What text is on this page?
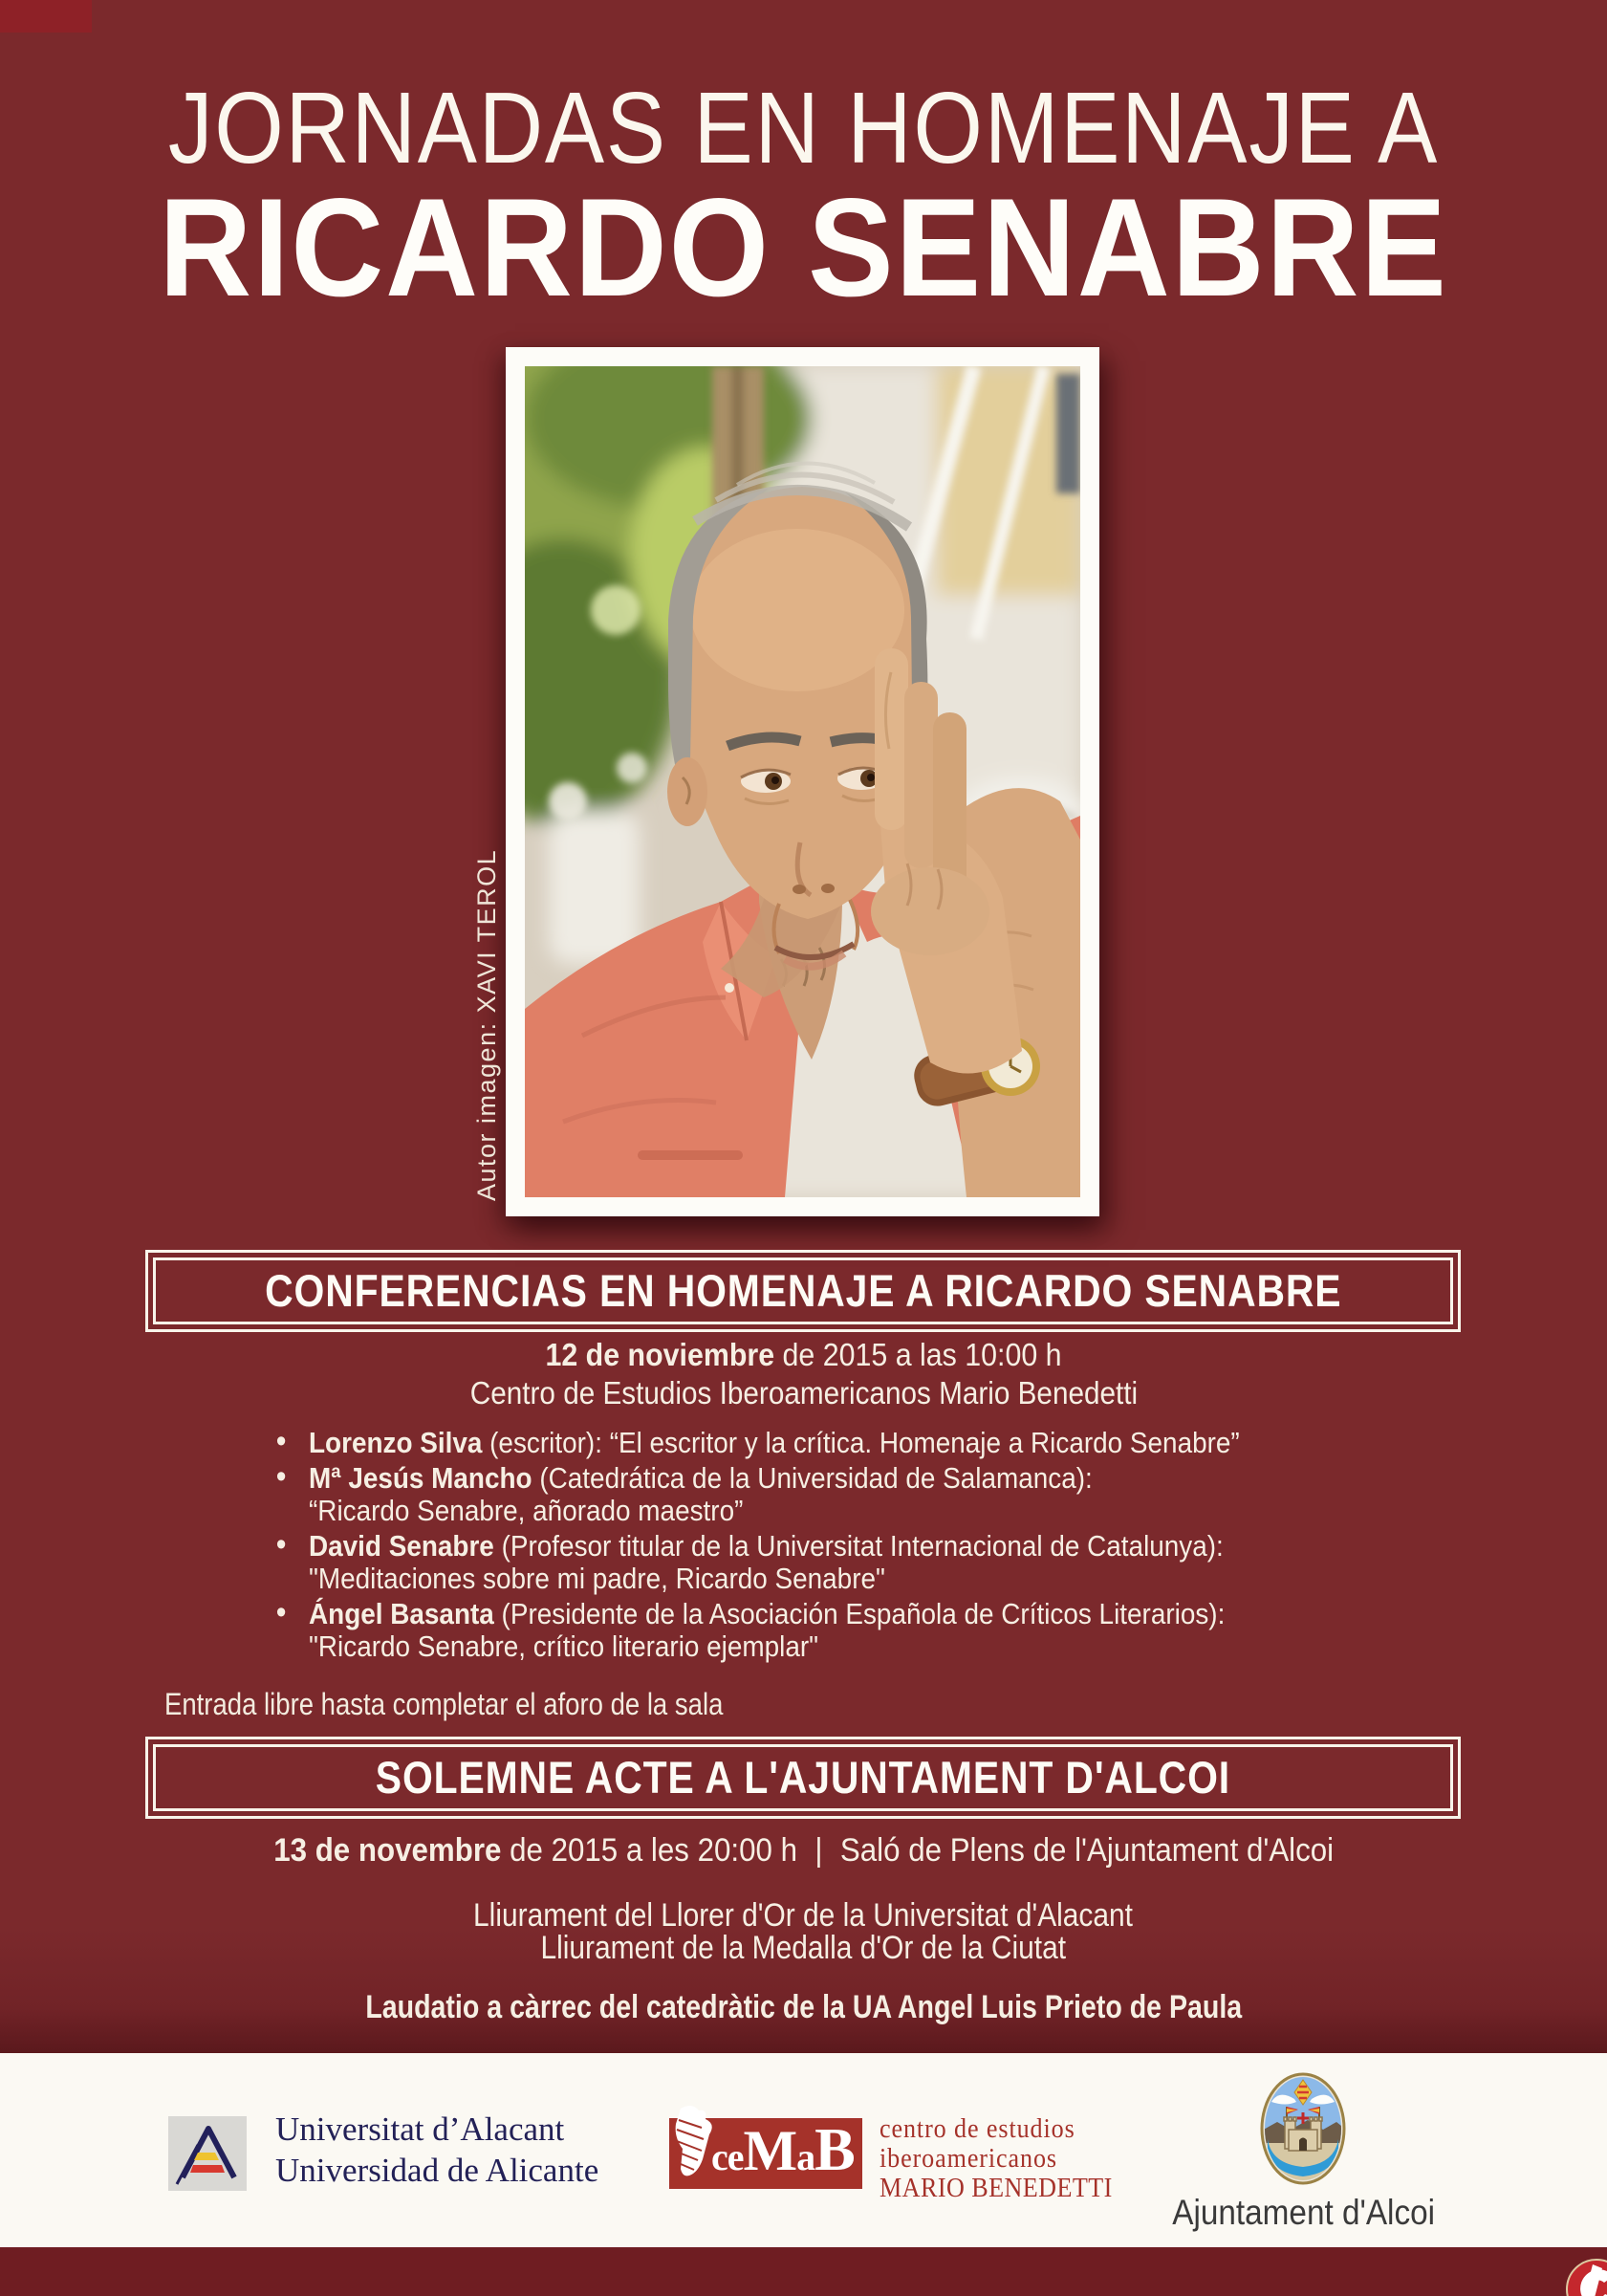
JORNADAS EN HOMENAJE A
RICARDO SENABRE
Autor imagen: XAVI TEROL
CONFERENCIAS EN HOMENAJE A RICARDO SENABRE
12 de noviembre de 2015 a las 10:00 h
Centro de Estudios Iberoamericanos Mario Benedetti
• Lorenzo Silva (escritor): “El escritor y la crítica. Homenaje a Ricardo Senabre”
• Mª Jesús Mancho (Catedrática de la Universidad de Salamanca):
“Ricardo Senabre, añorado maestro”
• David Senabre (Profesor titular de la Universitat Internacional de Catalunya):
"Meditaciones sobre mi padre, Ricardo Senabre"
• Ángel Basanta (Presidente de la Asociación Española de Críticos Literarios):
"Ricardo Senabre, crítico literario ejemplar"
Entrada libre hasta completar el aforo de la sala
SOLEMNE ACTE A L'AJUNTAMENT D'ALCOI
13 de novembre de 2015 a les 20:00 h | Saló de Plens de l'Ajuntament d'Alcoi
Lliurament del Llorer d'Or de la Universitat d'Alacant
Lliurament de la Medalla d'Or de la Ciutat
Laudatio a càrrec del catedràtic de la UA Angel Luis Prieto de Paula
Universitat d’Alacant
Universidad de Alicante	ceMaB centro de estudios
iberoamericanos
MARIO BENEDETTI
Ajuntament d'Alcoi
